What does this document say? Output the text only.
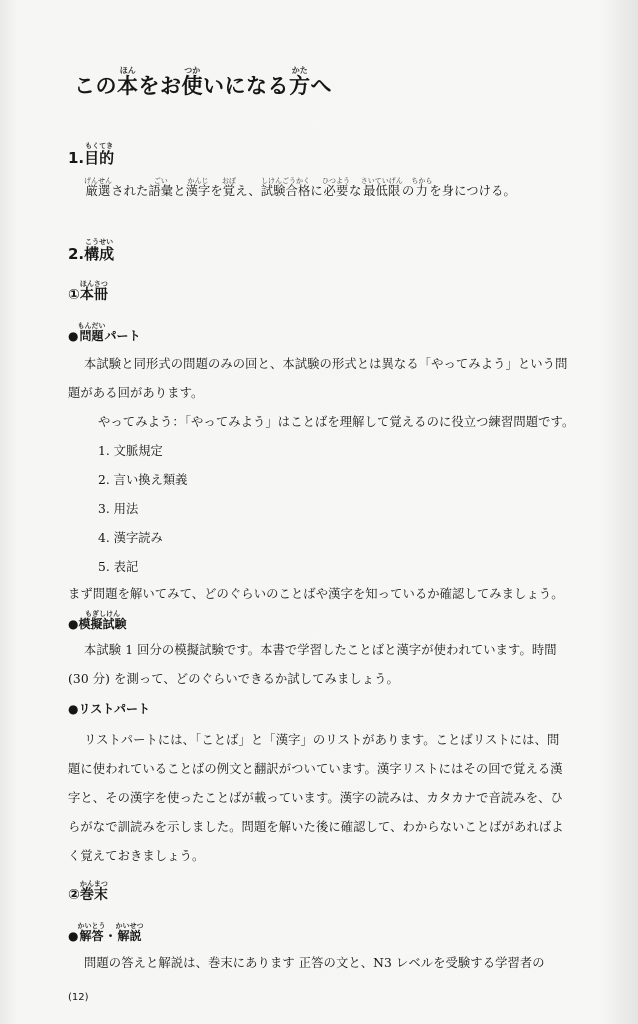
この本ほんをお使つかいになる方かたへ
1.目的もくてき
厳選げんせんされた語彙ごいと漢字かんじを覚おぼえ、試験合格しけんごうかくに必要ひつような最低限さいていげんの力ちからを身につける。
2.構成こうせい
①本冊ほんさつ
●問題もんだいパート
本試験と同形式の問題のみの回と、本試験の形式とは異なる「やってみよう」という問
題がある回があります。
やってみよう：「やってみよう」はことばを理解して覚えるのに役立つ練習問題です。
1. 文脈規定
2. 言い換え類義
3. 用法
4. 漢字読み
5. 表記
まず問題を解いてみて、どのぐらいのことばや漢字を知っているか確認してみましょう。
●模擬試験もぎしけん
本試験 1 回分の模擬試験です。本書で学習したことばと漢字が使われています。時間
(30 分) を測って、どのぐらいできるか試してみましょう。
●リストパート
リストパートには、「ことば」と「漢字」のリストがあります。ことばリストには、問
題に使われていることばの例文と翻訳がついています。漢字リストにはその回で覚える漢
字と、その漢字を使ったことばが載っています。漢字の読みは、カタカナで音読みを、ひ
らがなで訓読みを示しました。問題を解いた後に確認して、わからないことばがあればよ
く覚えておきましょう。
②巻末かんまつ
●解答かいとう・解説かいせつ
問題の答えと解説は、巻末にあります 正答の文と、N3 レベルを受験する学習者の
(12)
